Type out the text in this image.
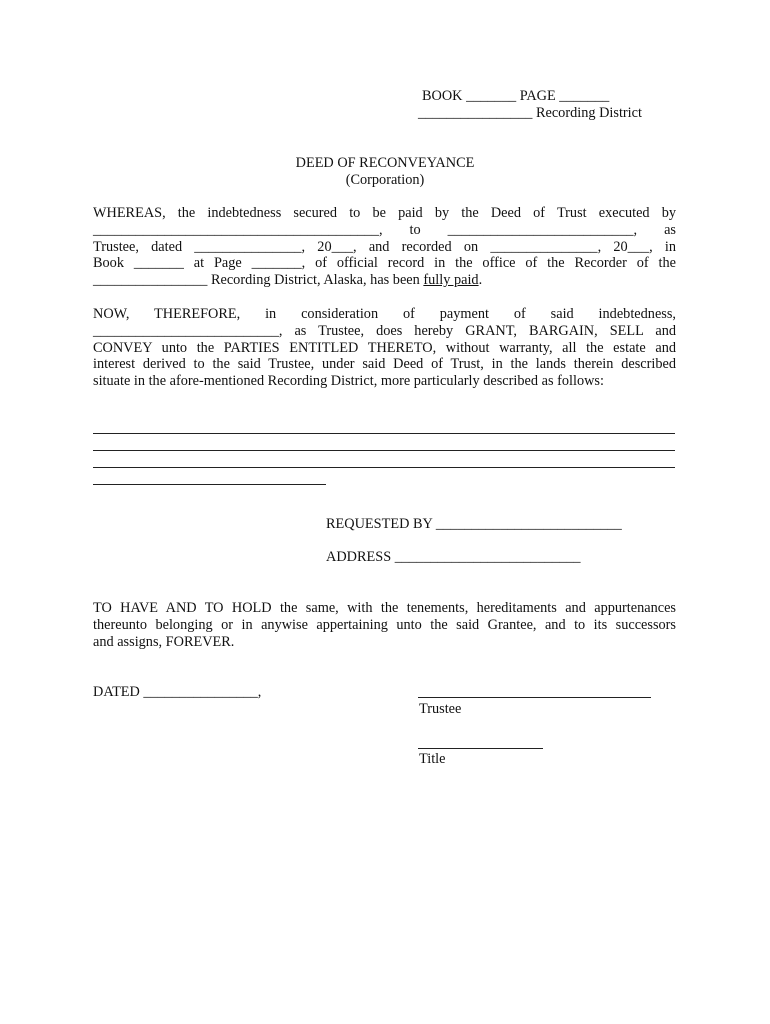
BOOK _______ PAGE _______
________________ Recording District
DEED OF RECONVEYANCE
(Corporation)
WHEREAS, the indebtedness secured to be paid by the Deed of Trust executed by
________________________________________, to __________________________, as
Trustee, dated _______________, 20___, and recorded on _______________, 20___, in
Book _______ at Page _______, of official record in the office of the Recorder of the
________________ Recording District, Alaska, has been fully paid.
NOW, THEREFORE, in consideration of payment of said indebtedness,
__________________________, as Trustee, does hereby GRANT, BARGAIN, SELL and
CONVEY unto the PARTIES ENTITLED THERETO, without warranty, all the estate and
interest derived to the said Trustee, under said Deed of Trust, in the lands therein described
situate in the afore-mentioned Recording District, more particularly described as follows:
REQUESTED BY __________________________
ADDRESS __________________________
TO HAVE AND TO HOLD the same, with the tenements, hereditaments and appurtenances
thereunto belonging or in anywise appertaining unto the said Grantee, and to its successors
and assigns, FOREVER.
DATED ________________,
Trustee
Title
